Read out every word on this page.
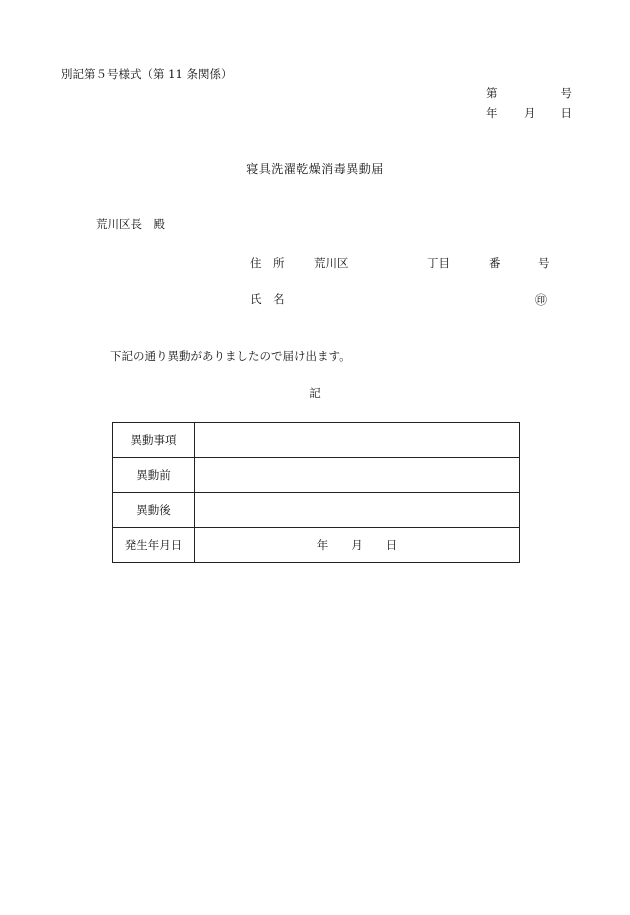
別記第５号様式（第 11 条関係）
第	号
年 月 日
寝具洗濯乾燥消毒異動届
荒川区長　殿
住　所	荒川区	丁目	番	号
氏　名	㊞
下記の通り異動がありましたので届け出ます。
記
異動事項	
異動前	
異動後	
発生年月日	年　　月　　日
